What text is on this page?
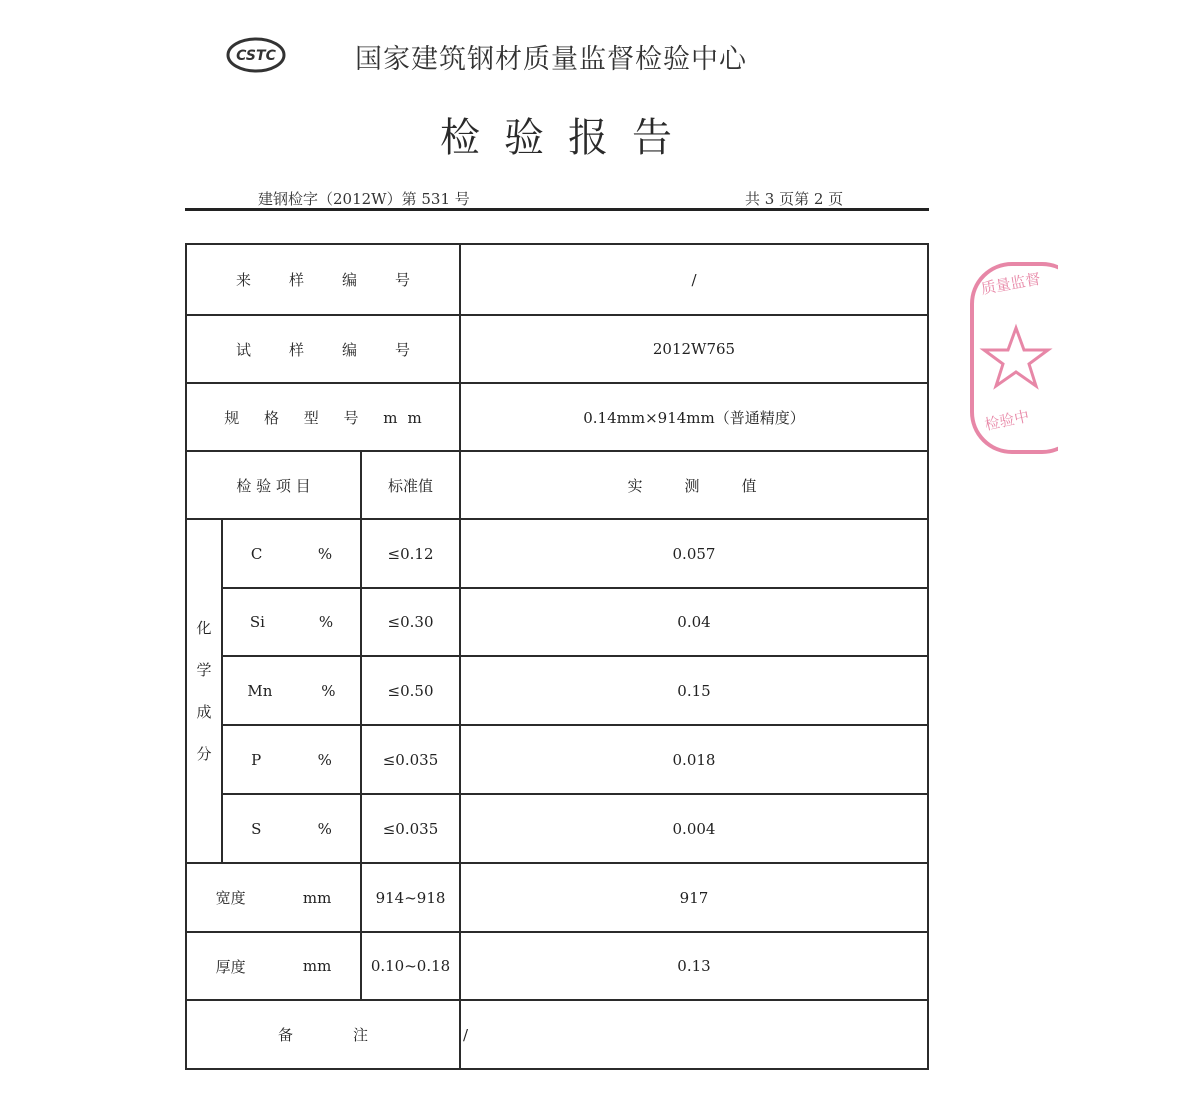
CSTC	国家建筑钢材质量监督检验中心
检验报告
建钢检字（2012W）第 531 号	共 3 页第 2 页
来样编号	/
试样编号	2012W765
规 格 型 号 mm	0.14mm×914mm（普通精度）
检 验 项 目	标准值	实　　测　　值
化
学
成
分
C	%	≤0.12	0.057
Si	%	≤0.30	0.04
Mn	%	≤0.50	0.15
P	%	≤0.035	0.018
S	%	≤0.035	0.004
宽度	mm	914~918	917
厚度	mm	0.10~0.18	0.13
备　　　　注	/
质量监督
检验中
